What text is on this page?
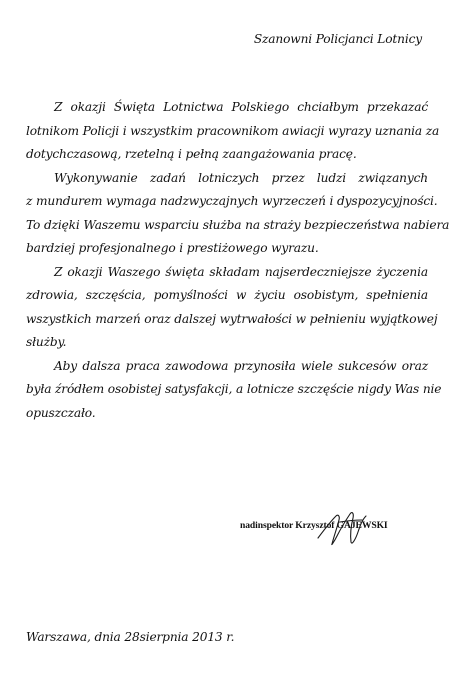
Szanowni Policjanci Lotnicy
Z okazji Święta Lotnictwa Polskiego chciałbym przekazać
lotnikom Policji i wszystkim pracownikom awiacji wyrazy uznania za
dotychczasową, rzetelną i pełną zaangażowania pracę.
Wykonywanie zadań lotniczych przez ludzi związanych
z mundurem wymaga nadzwyczajnych wyrzeczeń i dyspozycyjności.
To dzięki Waszemu wsparciu służba na straży bezpieczeństwa nabiera
bardziej profesjonalnego i prestiżowego wyrazu.
Z okazji Waszego święta składam najserdeczniejsze życzenia
zdrowia, szczęścia, pomyślności w życiu osobistym, spełnienia
wszystkich marzeń oraz dalszej wytrwałości w pełnieniu wyjątkowej
służby.
Aby dalsza praca zawodowa przynosiła wiele sukcesów oraz
była źródłem osobistej satysfakcji, a lotnicze szczęście nigdy Was nie
opuszczało.
nadinspektor Krzysztof GAJEWSKI
Warszawa, dnia 28sierpnia 2013 r.
